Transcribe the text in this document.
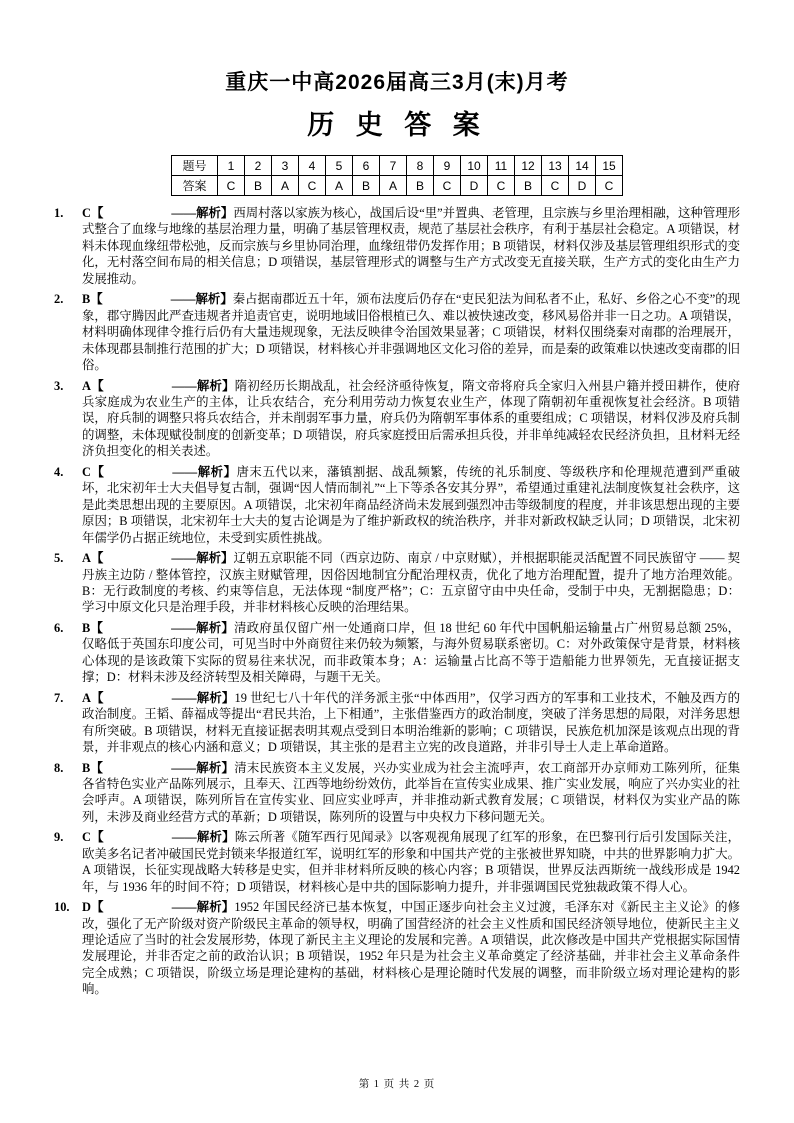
重庆一中高2026届高三3月(末)月考
历 史 答 案
题号	1	2	3	4	5	6	7	8	9	10	11	12	13	14	15
答案	C	B	A	C	A	B	A	B	C	D	C	B	C	D	C
1. C【	——解析】西周村落以家族为核心，战国后设“里”并置典、老管理，且宗族与乡里治理相融，这种管理形式整合了血缘与地缘的基层治理力量，明确了基层管理权责，规范了基层社会秩序，有利于基层社会稳定。A 项错误，材料未体现血缘纽带松弛，反而宗族与乡里协同治理，血缘纽带仍发挥作用；B 项错误，材料仅涉及基层管理组织形式的变化，无村落空间布局的相关信息；D 项错误，基层管理形式的调整与生产方式改变无直接关联，生产方式的变化由生产力发展推动。
2. B【	——解析】秦占据南郡近五十年，颁布法度后仍存在“吏民犯法为间私者不止，私好、乡俗之心不变”的现象，郡守腾因此严查违规者并追责官吏，说明地域旧俗根植已久、难以被快速改变，移风易俗并非一日之功。A 项错误，材料明确体现律令推行后仍有大量违规现象，无法反映律令治国效果显著；C 项错误，材料仅围绕秦对南郡的治理展开，未体现郡县制推行范围的扩大；D 项错误，材料核心并非强调地区文化习俗的差异，而是秦的政策难以快速改变南郡的旧俗。
3. A【	——解析】隋初经历长期战乱，社会经济亟待恢复，隋文帝将府兵全家归入州县户籍并授田耕作，使府兵家庭成为农业生产的主体，让兵农结合，充分利用劳动力恢复农业生产，体现了隋朝初年重视恢复社会经济。B 项错误，府兵制的调整只将兵农结合，并未削弱军事力量，府兵仍为隋朝军事体系的重要组成；C 项错误，材料仅涉及府兵制的调整，未体现赋役制度的创新变革；D 项错误，府兵家庭授田后需承担兵役，并非单纯减轻农民经济负担，且材料无经济负担变化的相关表述。
4. C【	——解析】唐末五代以来，藩镇割据、战乱频繁，传统的礼乐制度、等级秩序和伦理规范遭到严重破坏，北宋初年士大夫倡导复古制，强调“因人情而制礼”“上下等杀各安其分界”，希望通过重建礼法制度恢复社会秩序，这是此类思想出现的主要原因。A 项错误，北宋初年商品经济尚未发展到强烈冲击等级制度的程度，并非该思想出现的主要原因；B 项错误，北宋初年士大夫的复古论调是为了维护新政权的统治秩序，并非对新政权缺乏认同；D 项错误，北宋初年儒学仍占据正统地位，未受到实质性挑战。
5. A【	——解析】辽朝五京职能不同（西京边防、南京 / 中京财赋），并根据职能灵活配置不同民族留守 —— 契丹族主边防 / 整体管控，汉族主财赋管理，因俗因地制宜分配治理权责，优化了地方治理配置，提升了地方治理效能。B：无行政制度的考核、约束等信息，无法体现 “制度严格”；C：五京留守由中央任命，受制于中央，无割据隐患；D：学习中原文化只是治理手段，并非材料核心反映的治理结果。
6. B【	——解析】清政府虽仅留广州一处通商口岸，但 18 世纪 60 年代中国帆船运输量占广州贸易总额 25%，仅略低于英国东印度公司，可见当时中外商贸往来仍较为频繁，与海外贸易联系密切。C：对外政策保守是背景，材料核心体现的是该政策下实际的贸易往来状况，而非政策本身；A：运输量占比高不等于造船能力世界领先，无直接证据支撑；D：材料未涉及经济转型及相关障碍，与题干无关。
7. A【	——解析】19 世纪七八十年代的洋务派主张“中体西用”，仅学习西方的军事和工业技术，不触及西方的政治制度。王韬、薛福成等提出“君民共治，上下相通”，主张借鉴西方的政治制度，突破了洋务思想的局限，对洋务思想有所突破。B 项错误，材料无直接证据表明其观点受到日本明治维新的影响；C 项错误，民族危机加深是该观点出现的背景，并非观点的核心内涵和意义；D 项错误，其主张的是君主立宪的改良道路，并非引导士人走上革命道路。
8. B【	——解析】清末民族资本主义发展，兴办实业成为社会主流呼声，农工商部开办京师劝工陈列所，征集各省特色实业产品陈列展示，且奉天、江西等地纷纷效仿，此举旨在宣传实业成果、推广实业发展，响应了兴办实业的社会呼声。A 项错误，陈列所旨在宣传实业、回应实业呼声，并非推动新式教育发展；C 项错误，材料仅为实业产品的陈列，未涉及商业经营方式的革新；D 项错误，陈列所的设置与中央权力下移问题无关。
9. C【	——解析】陈云所著《随军西行见闻录》以客观视角展现了红军的形象，在巴黎刊行后引发国际关注，欧美多名记者冲破国民党封锁来华报道红军，说明红军的形象和中国共产党的主张被世界知晓，中共的世界影响力扩大。A 项错误，长征实现战略大转移是史实，但并非材料所反映的核心内容；B 项错误，世界反法西斯统一战线形成是 1942 年，与 1936 年的时间不符；D 项错误，材料核心是中共的国际影响力提升，并非强调国民党独裁政策不得人心。
10. D【	——解析】1952 年国民经济已基本恢复，中国正逐步向社会主义过渡，毛泽东对《新民主主义论》的修改，强化了无产阶级对资产阶级民主革命的领导权，明确了国营经济的社会主义性质和国民经济领导地位，使新民主主义理论适应了当时的社会发展形势，体现了新民主主义理论的发展和完善。A 项错误，此次修改是中国共产党根据实际国情发展理论，并非否定之前的政治认识；B 项错误，1952 年只是为社会主义革命奠定了经济基础，并非社会主义革命条件完全成熟；C 项错误，阶级立场是理论建构的基础，材料核心是理论随时代发展的调整，而非阶级立场对理论建构的影响。
第 1 页 共 2 页
